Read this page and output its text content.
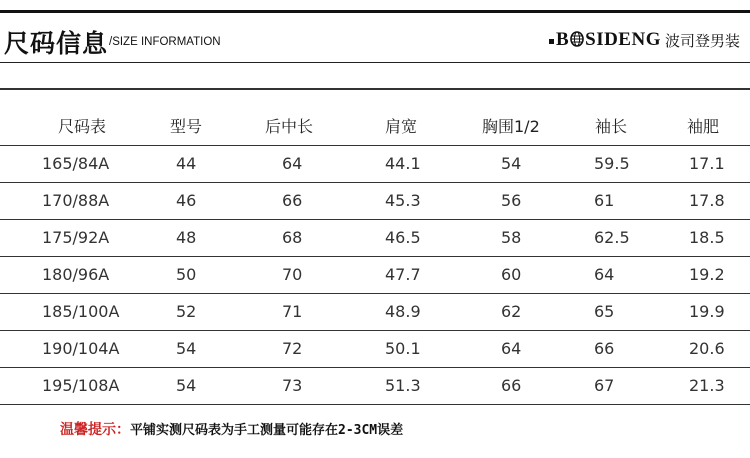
尺码信息 /SIZE INFORMATION	B SIDENG 波司登男装
尺码表	型号	后中长	肩宽	胸围1/2	袖长	袖肥
165/84A	44	64	44.1	54	59.5	17.1
170/88A	46	66	45.3	56	61	17.8
175/92A	48	68	46.5	58	62.5	18.5
180/96A	50	70	47.7	60	64	19.2
185/100A	52	71	48.9	62	65	19.9
190/104A	54	72	50.1	64	66	20.6
195/108A	54	73	51.3	66	67	21.3
温馨提示：平铺实测尺码表为手工测量可能存在2-3CM误差
